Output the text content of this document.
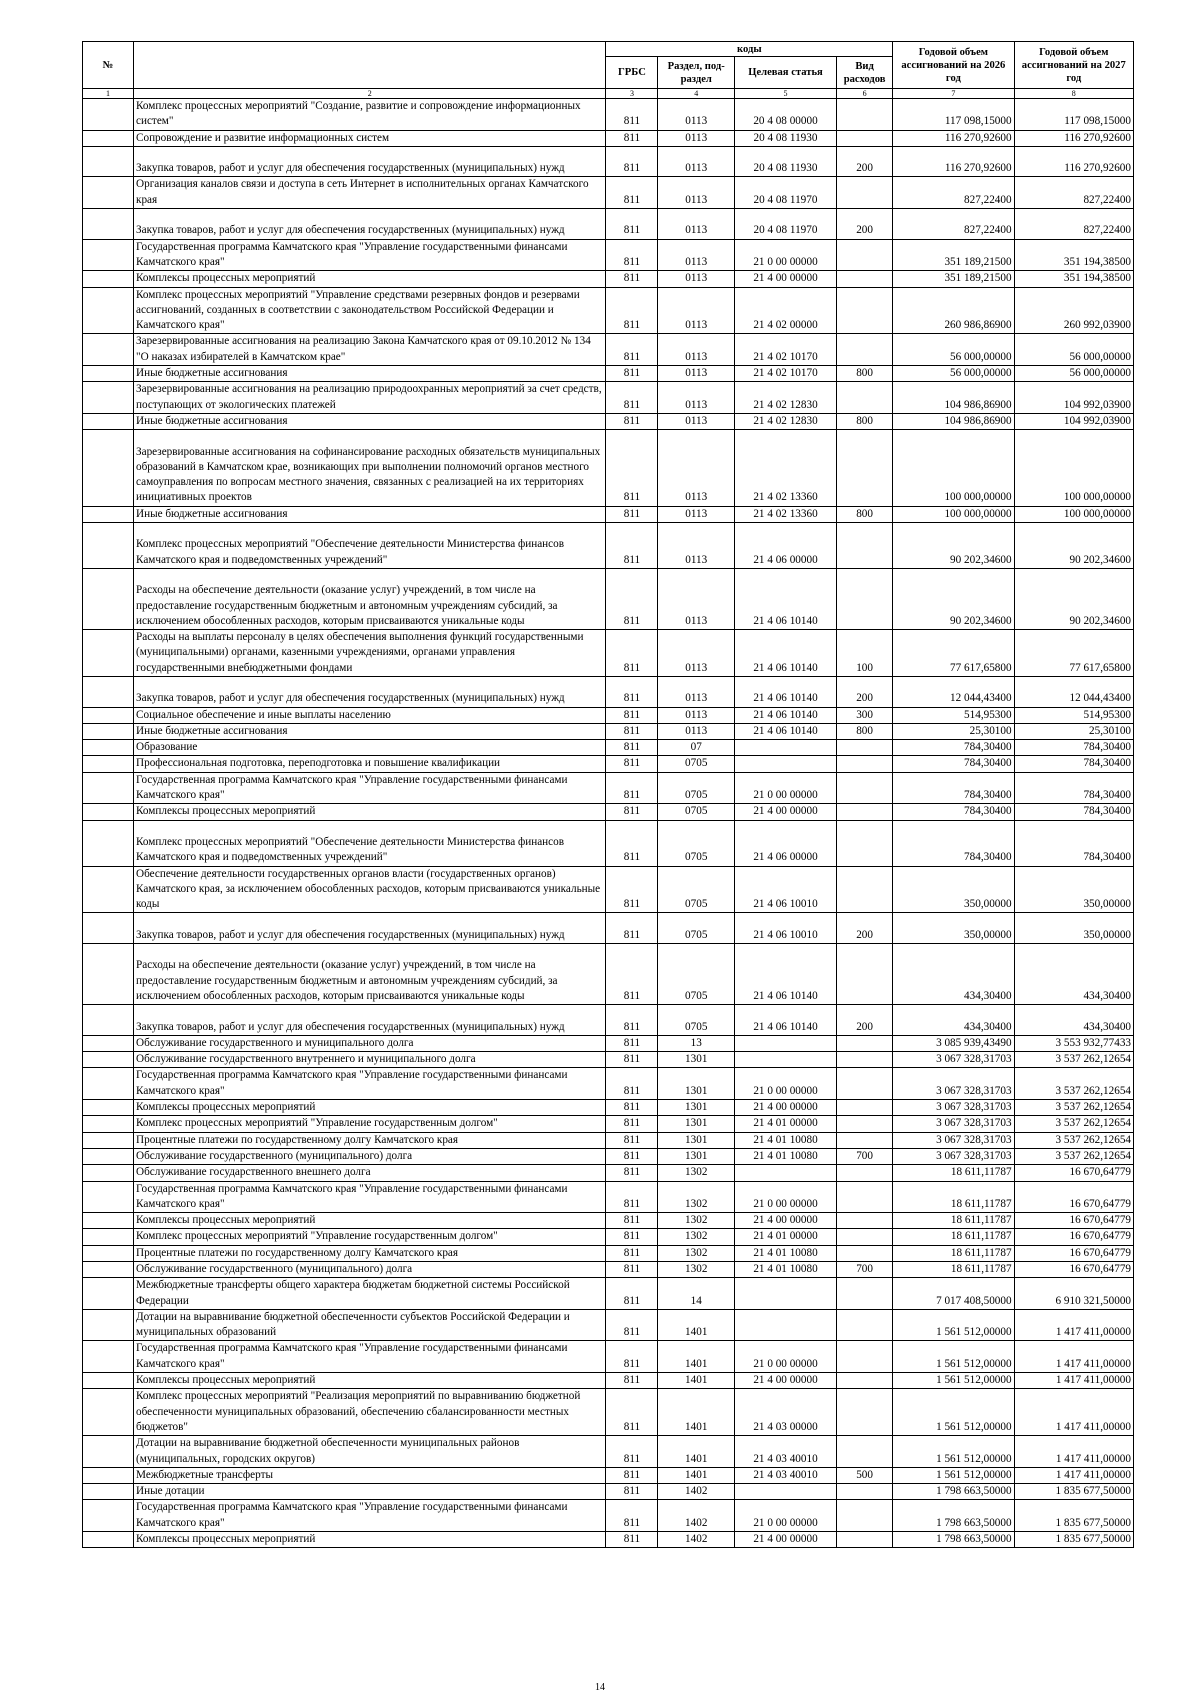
№		коды				Годовой объем ассигнований на 2026 год	Годовой объем ассигнований на 2027 год
		ГРБС	Раздел, под-раздел	Целевая статья	Вид расходов		
1	2	3	4	5	6	7	8
	Комплекс процессных мероприятий "Создание, развитие и сопровождение информационных систем"	811	0113	20 4 08 00000		117 098,15000	117 098,15000
	Сопровождение и развитие информационных систем	811	0113	20 4 08 11930		116 270,92600	116 270,92600
	Закупка товаров, работ и услуг для обеспечения государственных (муниципальных) нужд	811	0113	20 4 08 11930	200	116 270,92600	116 270,92600
	Организация каналов связи и доступа в сеть Интернет в исполнительных органах Камчатского края	811	0113	20 4 08 11970		827,22400	827,22400
	Закупка товаров, работ и услуг для обеспечения государственных (муниципальных) нужд	811	0113	20 4 08 11970	200	827,22400	827,22400
	Государственная программа Камчатского края "Управление государственными финансами Камчатского края"	811	0113	21 0 00 00000		351 189,21500	351 194,38500
	Комплексы процессных мероприятий	811	0113	21 4 00 00000		351 189,21500	351 194,38500
	Комплекс процессных мероприятий "Управление средствами резервных фондов и резервами ассигнований, созданных в соответствии с законодательством Российской Федерации и Камчатского края"	811	0113	21 4 02 00000		260 986,86900	260 992,03900
	Зарезервированные ассигнования на реализацию Закона Камчатского края от 09.10.2012 № 134 "О наказах избирателей в Камчатском крае"	811	0113	21 4 02 10170		56 000,00000	56 000,00000
	Иные бюджетные ассигнования	811	0113	21 4 02 10170	800	56 000,00000	56 000,00000
	Зарезервированные ассигнования на реализацию природоохранных мероприятий за счет средств, поступающих от экологических платежей	811	0113	21 4 02 12830		104 986,86900	104 992,03900
	Иные бюджетные ассигнования	811	0113	21 4 02 12830	800	104 986,86900	104 992,03900
	Зарезервированные ассигнования на софинансирование расходных обязательств муниципальных образований в Камчатском крае, возникающих при выполнении полномочий органов местного самоуправления по вопросам местного значения, связанных с реализацией на их территориях инициативных проектов	811	0113	21 4 02 13360		100 000,00000	100 000,00000
	Иные бюджетные ассигнования	811	0113	21 4 02 13360	800	100 000,00000	100 000,00000
	Комплекс процессных мероприятий "Обеспечение деятельности Министерства финансов Камчатского края и подведомственных учреждений"	811	0113	21 4 06 00000		90 202,34600	90 202,34600
	Расходы на обеспечение деятельности (оказание услуг) учреждений, в том числе на предоставление государственным бюджетным и автономным учреждениям субсидий, за исключением обособленных расходов, которым присваиваются уникальные коды	811	0113	21 4 06 10140		90 202,34600	90 202,34600
	Расходы на выплаты персоналу в целях обеспечения выполнения функций государственными (муниципальными) органами, казенными учреждениями, органами управления государственными внебюджетными фондами	811	0113	21 4 06 10140	100	77 617,65800	77 617,65800
	Закупка товаров, работ и услуг для обеспечения государственных (муниципальных) нужд	811	0113	21 4 06 10140	200	12 044,43400	12 044,43400
	Социальное обеспечение и иные выплаты населению	811	0113	21 4 06 10140	300	514,95300	514,95300
	Иные бюджетные ассигнования	811	0113	21 4 06 10140	800	25,30100	25,30100
	Образование	811	07			784,30400	784,30400
	Профессиональная подготовка, переподготовка и повышение квалификации	811	0705			784,30400	784,30400
	Государственная программа Камчатского края "Управление государственными финансами Камчатского края"	811	0705	21 0 00 00000		784,30400	784,30400
	Комплексы процессных мероприятий	811	0705	21 4 00 00000		784,30400	784,30400
	Комплекс процессных мероприятий "Обеспечение деятельности Министерства финансов Камчатского края и подведомственных учреждений"	811	0705	21 4 06 00000		784,30400	784,30400
	Обеспечение деятельности государственных органов власти (государственных органов) Камчатского края, за исключением обособленных расходов, которым присваиваются уникальные коды	811	0705	21 4 06 10010		350,00000	350,00000
	Закупка товаров, работ и услуг для обеспечения государственных (муниципальных) нужд	811	0705	21 4 06 10010	200	350,00000	350,00000
	Расходы на обеспечение деятельности (оказание услуг) учреждений, в том числе на предоставление государственным бюджетным и автономным учреждениям субсидий, за исключением обособленных расходов, которым присваиваются уникальные коды	811	0705	21 4 06 10140		434,30400	434,30400
	Закупка товаров, работ и услуг для обеспечения государственных (муниципальных) нужд	811	0705	21 4 06 10140	200	434,30400	434,30400
	Обслуживание государственного и муниципального долга	811	13			3 085 939,43490	3 553 932,77433
	Обслуживание государственного внутреннего и муниципального долга	811	1301			3 067 328,31703	3 537 262,12654
	Государственная программа Камчатского края "Управление государственными финансами Камчатского края"	811	1301	21 0 00 00000		3 067 328,31703	3 537 262,12654
	Комплексы процессных мероприятий	811	1301	21 4 00 00000		3 067 328,31703	3 537 262,12654
	Комплекс процессных мероприятий "Управление государственным долгом"	811	1301	21 4 01 00000		3 067 328,31703	3 537 262,12654
	Процентные платежи по государственному долгу Камчатского края	811	1301	21 4 01 10080		3 067 328,31703	3 537 262,12654
	Обслуживание государственного (муниципального) долга	811	1301	21 4 01 10080	700	3 067 328,31703	3 537 262,12654
	Обслуживание государственного внешнего долга	811	1302			18 611,11787	16 670,64779
	Государственная программа Камчатского края "Управление государственными финансами Камчатского края"	811	1302	21 0 00 00000		18 611,11787	16 670,64779
	Комплексы процессных мероприятий	811	1302	21 4 00 00000		18 611,11787	16 670,64779
	Комплекс процессных мероприятий "Управление государственным долгом"	811	1302	21 4 01 00000		18 611,11787	16 670,64779
	Процентные платежи по государственному долгу Камчатского края	811	1302	21 4 01 10080		18 611,11787	16 670,64779
	Обслуживание государственного (муниципального) долга	811	1302	21 4 01 10080	700	18 611,11787	16 670,64779
	Межбюджетные трансферты общего характера бюджетам бюджетной системы Российской Федерации	811	14			7 017 408,50000	6 910 321,50000
	Дотации на выравнивание бюджетной обеспеченности субъектов Российской Федерации и муниципальных образований	811	1401			1 561 512,00000	1 417 411,00000
	Государственная программа Камчатского края "Управление государственными финансами Камчатского края"	811	1401	21 0 00 00000		1 561 512,00000	1 417 411,00000
	Комплексы процессных мероприятий	811	1401	21 4 00 00000		1 561 512,00000	1 417 411,00000
	Комплекс процессных мероприятий "Реализация мероприятий по выравниванию бюджетной обеспеченности муниципальных образований, обеспечению сбалансированности местных бюджетов"	811	1401	21 4 03 00000		1 561 512,00000	1 417 411,00000
	Дотации на выравнивание бюджетной обеспеченности муниципальных районов (муниципальных, городских округов)	811	1401	21 4 03 40010		1 561 512,00000	1 417 411,00000
	Межбюджетные трансферты	811	1401	21 4 03 40010	500	1 561 512,00000	1 417 411,00000
	Иные дотации	811	1402			1 798 663,50000	1 835 677,50000
	Государственная программа Камчатского края "Управление государственными финансами Камчатского края"	811	1402	21 0 00 00000		1 798 663,50000	1 835 677,50000
	Комплексы процессных мероприятий	811	1402	21 4 00 00000		1 798 663,50000	1 835 677,50000
14
